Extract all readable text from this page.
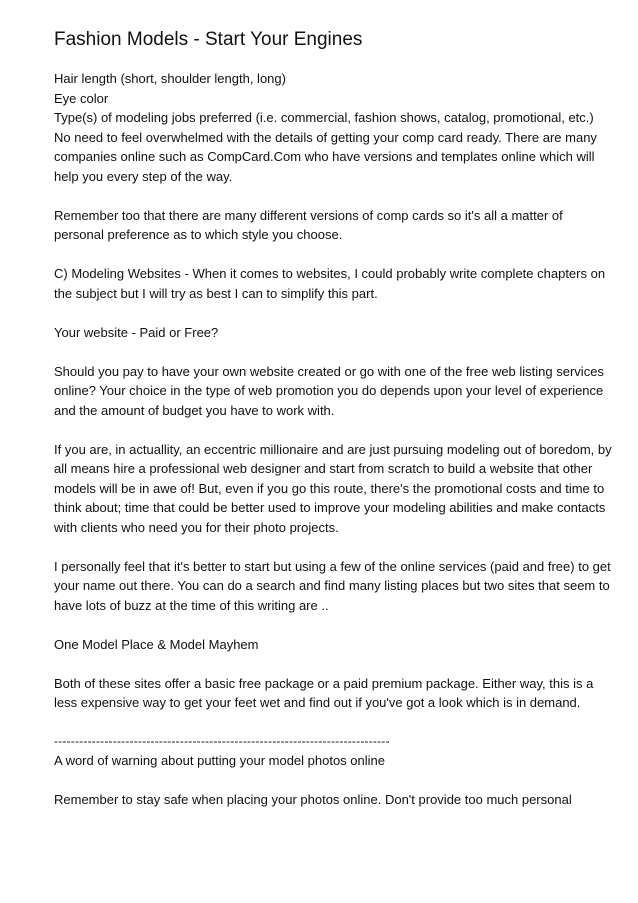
Fashion Models - Start Your Engines

Hair length (short, shoulder length, long)

Eye color

Type(s) of modeling jobs preferred (i.e. commercial, fashion shows, catalog, promotional, etc.)

No need to feel overwhelmed with the details of getting your comp card ready. There are many companies online such as CompCard.Com who have versions and templates online which will help you every step of the way.

Remember too that there are many different versions of comp cards so it's all a matter of personal preference as to which style you choose.

C) Modeling Websites - When it comes to websites, I could probably write complete chapters on the subject but I will try as best I can to simplify this part.

Your website - Paid or Free?

Should you pay to have your own website created or go with one of the free web listing services online? Your choice in the type of web promotion you do depends upon your level of experience and the amount of budget you have to work with.

If you are, in actuallity, an eccentric millionaire and are just pursuing modeling out of boredom, by all means hire a professional web designer and start from scratch to build a website that other models will be in awe of! But, even if you go this route, there's the promotional costs and time to think about; time that could be better used to improve your modeling abilities and make contacts with clients who need you for their photo projects.

I personally feel that it's better to start but using a few of the online services (paid and free) to get your name out there. You can do a search and find many listing places but two sites that seem to have lots of buzz at the time of this writing are ..

One Model Place & Model Mayhem

Both of these sites offer a basic free package or a paid premium package. Either way, this is a less expensive way to get your feet wet and find out if you've got a look which is in demand.

--------------------------------------------------------------------------------

A word of warning about putting your model photos online

Remember to stay safe when placing your photos online. Don't provide too much personal
